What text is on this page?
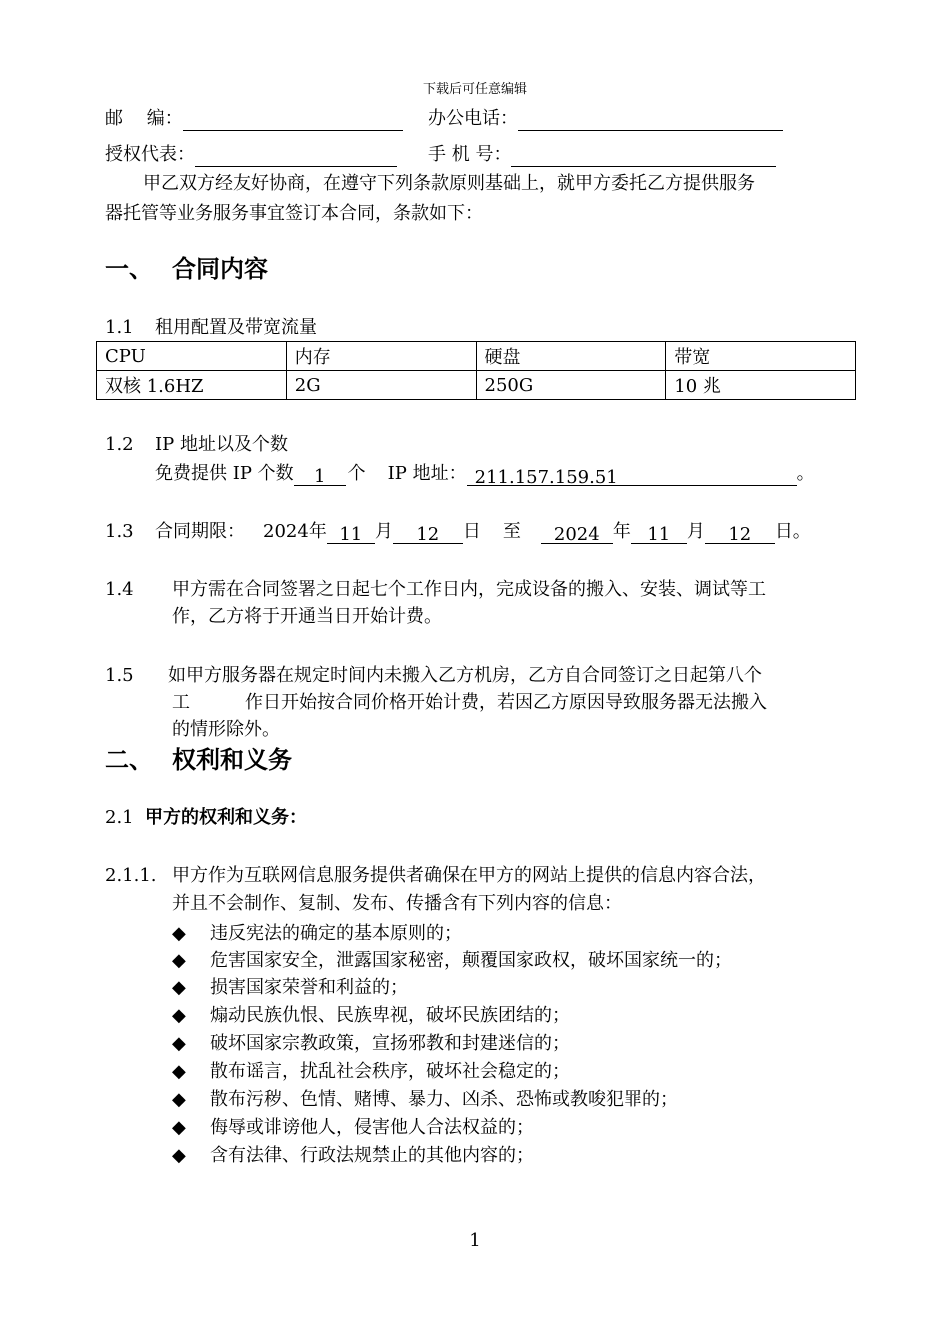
下载后可任意编辑
邮　 编：	办公电话：
授权代表：	手 机 号：
甲乙双方经友好协商，在遵守下列条款原则基础上，就甲方委托乙方提供服务
器托管等业务服务事宜签订本合同，条款如下：
一、 合同内容
1.1 租用配置及带宽流量
CPU	内存	硬盘	带宽
双核 1.6HZ	2G	250G	10 兆
1.2 IP 地址以及个数
免费提供 IP 个数 1 个 IP 地址： 211.157.159.51	。
1.3 合同期限： 2024年 11 月 12 日 至 2024 年 11 月 12 日。
1.4 甲方需在合同签署之日起七个工作日内，完成设备的搬入、安装、调试等工
作，乙方将于开通当日开始计费。
1.5 如甲方服务器在规定时间内未搬入乙方机房，乙方自合同签订之日起第八个
工	作日开始按合同价格开始计费，若因乙方原因导致服务器无法搬入
的情形除外。
二、 权利和义务
2.1 甲方的权利和义务：
2.1.1. 甲方作为互联网信息服务提供者确保在甲方的网站上提供的信息内容合法，
并且不会制作、复制、发布、传播含有下列内容的信息：
◆ 违反宪法的确定的基本原则的；
◆ 危害国家安全，泄露国家秘密，颠覆国家政权，破坏国家统一的；
◆ 损害国家荣誉和利益的；
◆ 煽动民族仇恨、民族卑视，破坏民族团结的；
◆ 破坏国家宗教政策，宣扬邪教和封建迷信的；
◆ 散布谣言，扰乱社会秩序，破坏社会稳定的；
◆ 散布污秽、色情、赌博、暴力、凶杀、恐怖或教唆犯罪的；
◆ 侮辱或诽谤他人，侵害他人合法权益的；
◆ 含有法律、行政法规禁止的其他内容的；
1
